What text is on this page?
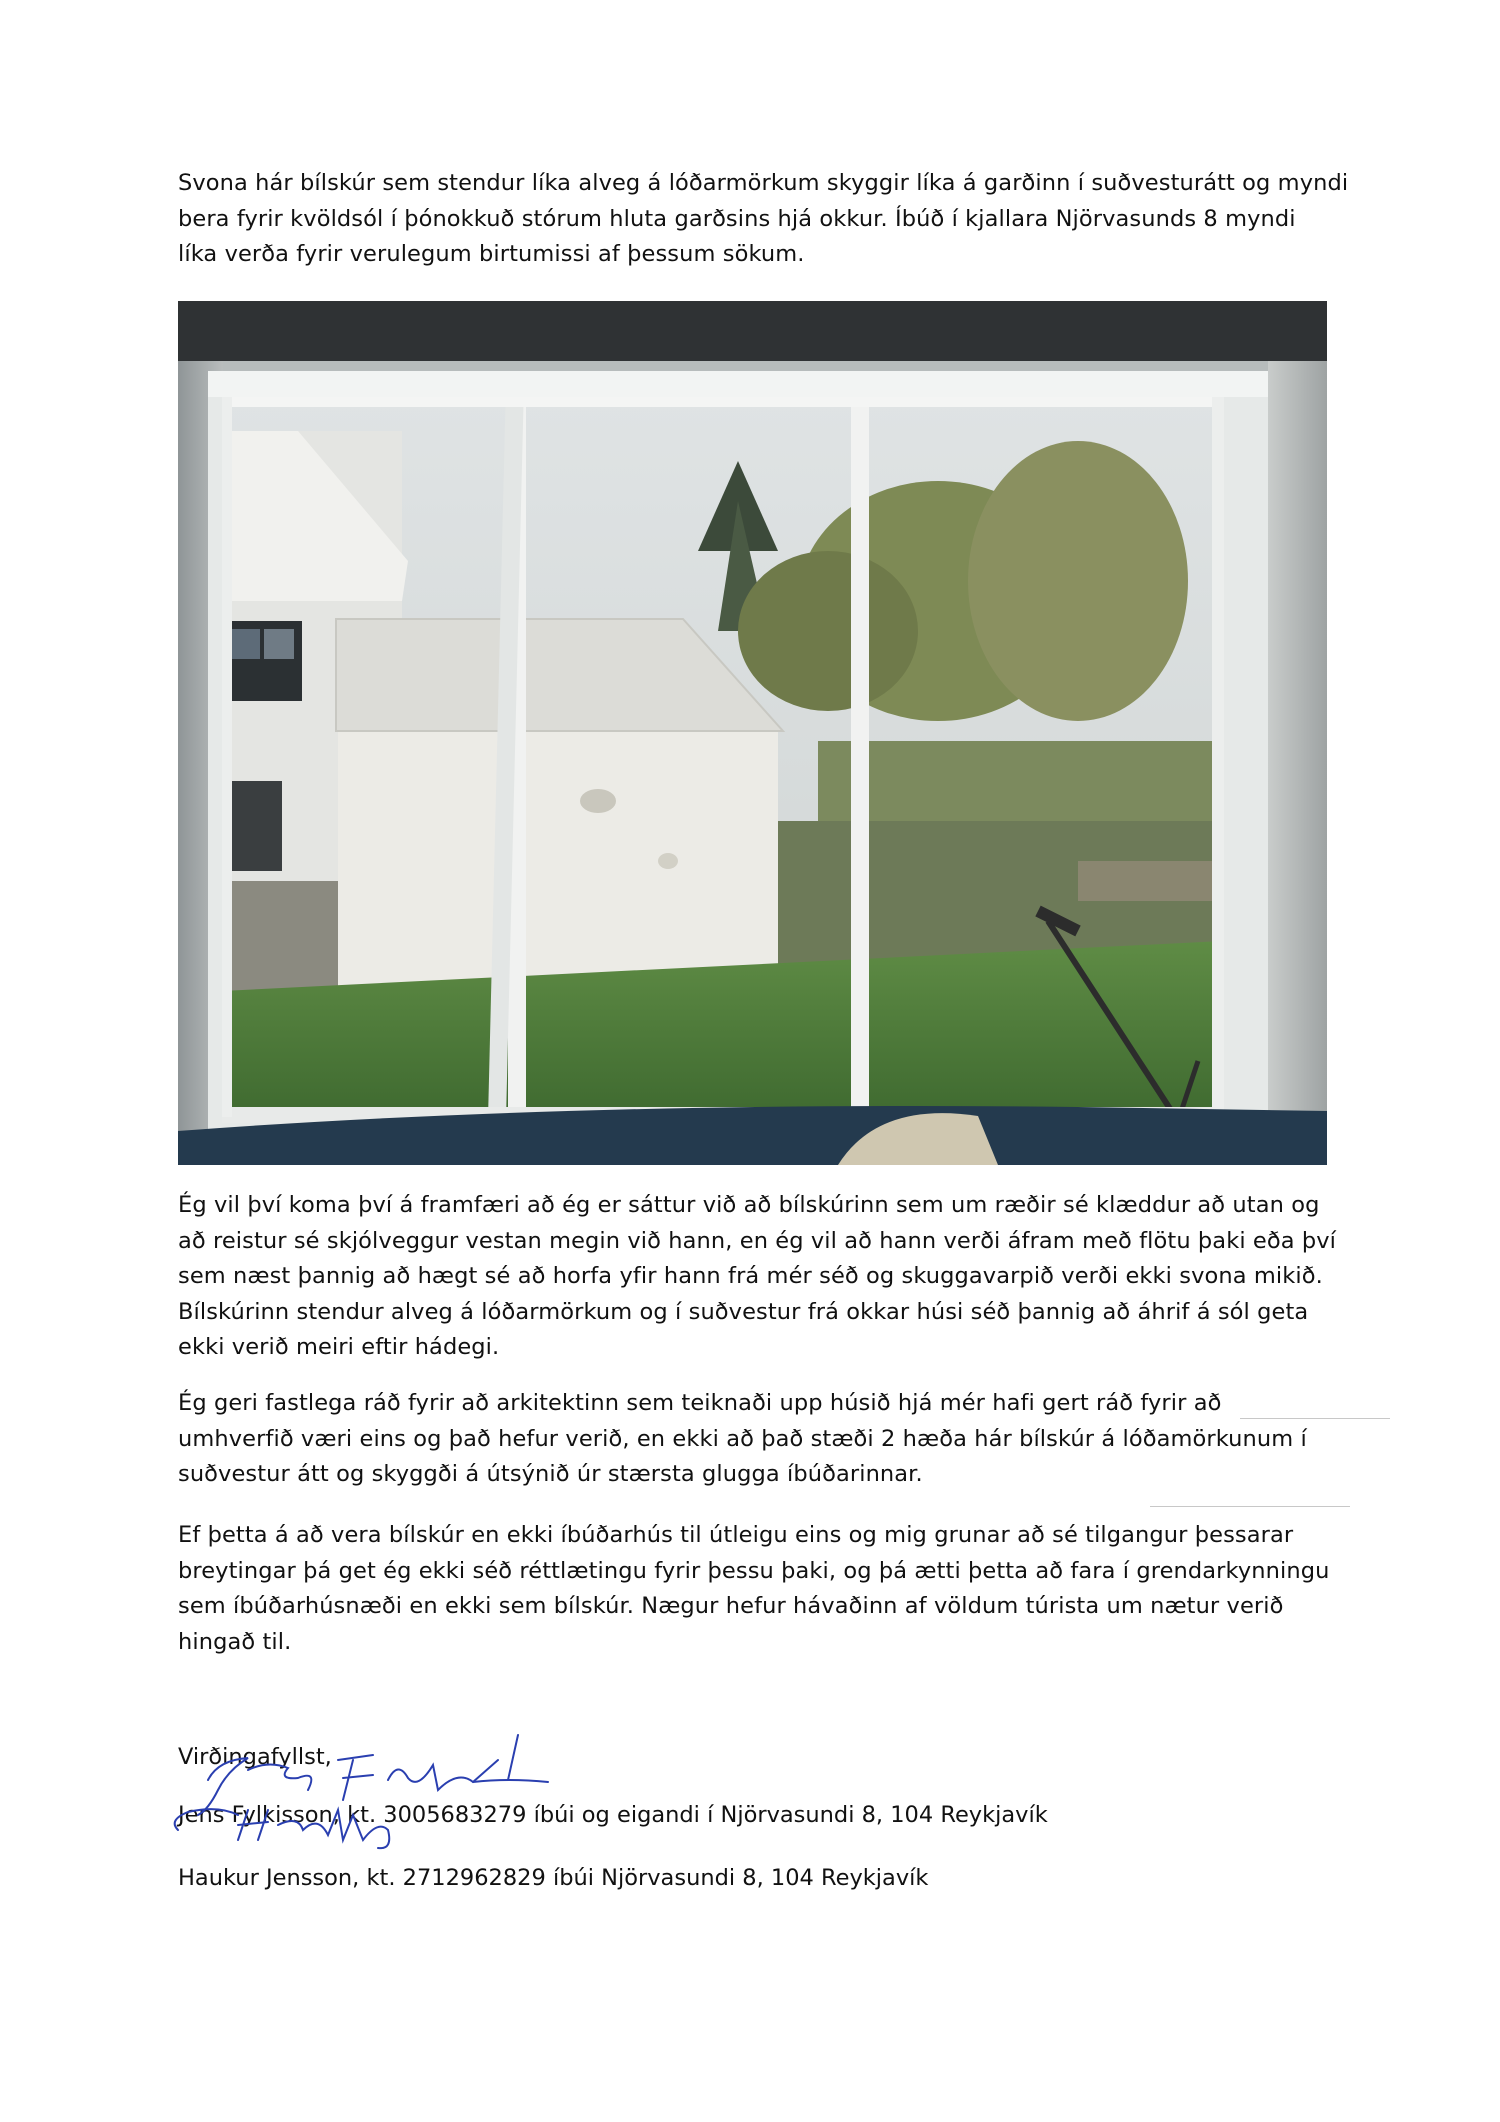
Svona hár bílskúr sem stendur líka alveg á lóðarmörkum skyggir líka á garðinn í suðvesturátt og myndi
bera fyrir kvöldsól í þónokkuð stórum hluta garðsins hjá okkur. Íbúð í kjallara Njörvasunds 8 myndi
líka verða fyrir verulegum birtumissi af þessum sökum.

Ég vil því koma því á framfæri að ég er sáttur við að bílskúrinn sem um ræðir sé klæddur að utan og
að reistur sé skjólveggur vestan megin við hann, en ég vil að hann verði áfram með flötu þaki eða því
sem næst þannig að hægt sé að horfa yfir hann frá mér séð og skuggavarpið verði ekki svona mikið.
Bílskúrinn stendur alveg á lóðarmörkum og í suðvestur frá okkar húsi séð þannig að áhrif á sól geta
ekki verið meiri eftir hádegi.

Ég geri fastlega ráð fyrir að arkitektinn sem teiknaði upp húsið hjá mér hafi gert ráð fyrir að
umhverfið væri eins og það hefur verið, en ekki að það stæði 2 hæða hár bílskúr á lóðamörkunum í
suðvestur átt og skyggði á útsýnið úr stærsta glugga íbúðarinnar.

Ef þetta á að vera bílskúr en ekki íbúðarhús til útleigu eins og mig grunar að sé tilgangur þessarar
breytingar þá get ég ekki séð réttlætingu fyrir þessu þaki, og þá ætti þetta að fara í grendarkynningu
sem íbúðarhúsnæði en ekki sem bílskúr. Nægur hefur hávaðinn af völdum túrista um nætur verið
hingað til.

Virðingafyllst,
Jens Fylkisson, kt. 3005683279 íbúi og eigandi í Njörvasundi 8, 104 Reykjavík
Haukur Jensson, kt. 2712962829 íbúi Njörvasundi 8, 104 Reykjavík
